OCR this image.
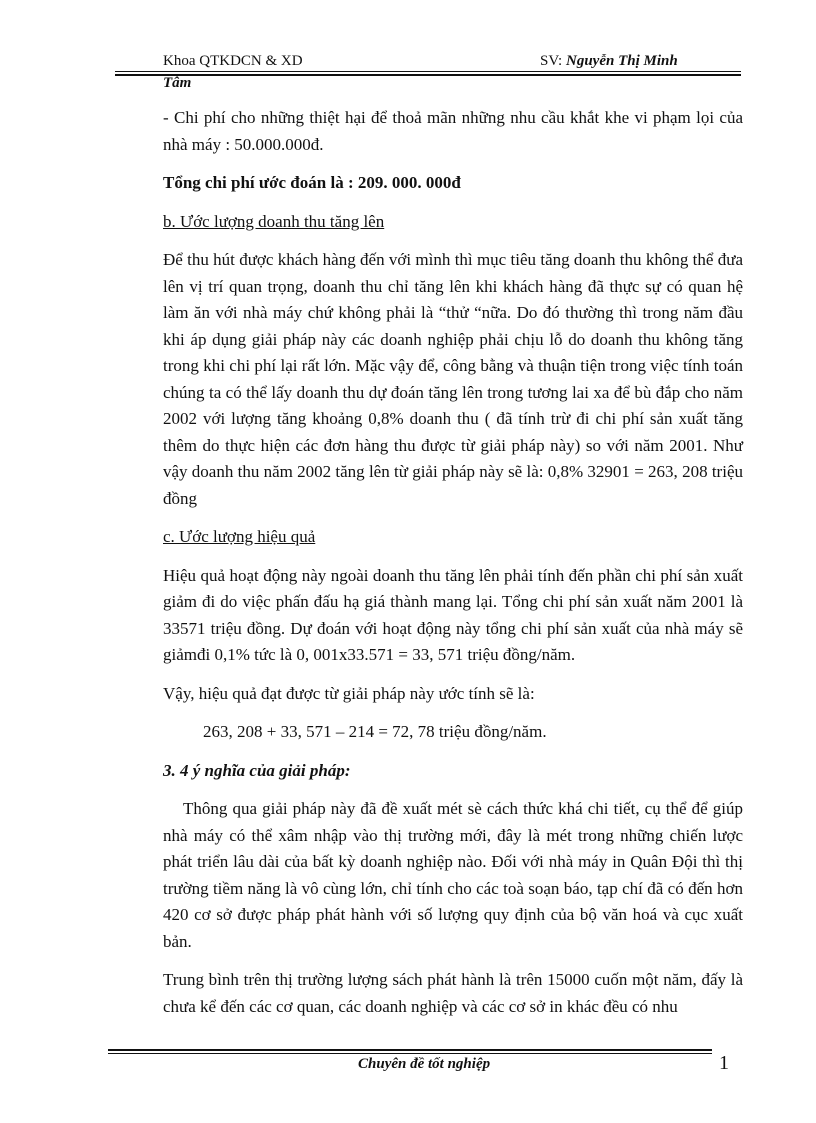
Khoa QTKDCN & XD	SV: Nguyễn Thị Minh
Tâm
- Chi phí cho những thiệt hại để thoả mãn những nhu cầu khắt khe vi phạm lọi của nhà máy : 50.000.000đ.
Tổng chi phí ước đoán là : 209. 000. 000đ
b. Ước lượng doanh thu tăng lên
Để thu hút được khách hàng đến với mình thì mục tiêu tăng doanh thu không thể đưa lên vị trí quan trọng, doanh thu chỉ tăng lên khi khách hàng đã thực sự có quan hệ làm ăn với nhà máy chứ không phải là “thử “nữa. Do đó thường thì trong năm đầu khi áp dụng giải pháp này các doanh nghiệp phải chịu lỗ do doanh thu không tăng trong khi chi phí lại rất lớn. Mặc vậy để, công bằng và thuận tiện trong việc tính toán chúng ta có thể lấy doanh thu dự đoán tăng lên trong tương lai xa để bù đắp cho năm 2002 với lượng tăng khoảng 0,8% doanh thu ( đã tính trừ đi chi phí sản xuất tăng thêm do thực hiện các đơn hàng thu được từ giải pháp này) so với năm 2001. Như vậy doanh thu năm 2002 tăng lên từ giải pháp này sẽ là: 0,8% 32901 = 263, 208 triệu đồng
c. Ước lượng hiệu quả
Hiệu quả hoạt động này ngoài doanh thu tăng lên phải tính đến phần chi phí sản xuất giảm đi do việc phấn đấu hạ giá thành mang lại. Tổng chi phí sản xuất năm 2001 là 33571 triệu đồng. Dự đoán với hoạt động này tổng chi phí sản xuất của nhà máy sẽ giảmđi 0,1% tức là 0, 001x33.571 = 33, 571 triệu đồng/năm.
Vậy, hiệu quả đạt được từ giải pháp này ước tính sẽ là:
263, 208 + 33, 571 – 214 = 72, 78 triệu đồng/năm.
3. 4 ý nghĩa của giải pháp:
Thông qua giải pháp này đã đề xuất mét sè cách thức khá chi tiết, cụ thể để giúp nhà máy có thể xâm nhập vào thị trường mới, đây là mét trong những chiến lược phát triển lâu dài của bất kỳ doanh nghiệp nào. Đối với nhà máy in Quân Đội thì thị trường tiềm năng là vô cùng lớn, chỉ tính cho các toà soạn báo, tạp chí đã có đến hơn 420 cơ sở được pháp phát hành với số lượng quy định của bộ văn hoá và cục xuất bản.
Trung bình trên thị trường lượng sách phát hành là trên 15000 cuốn một năm, đấy là chưa kể đến các cơ quan, các doanh nghiệp và các cơ sở in khác đều có nhu
Chuyên đề tốt nghiệp	1
